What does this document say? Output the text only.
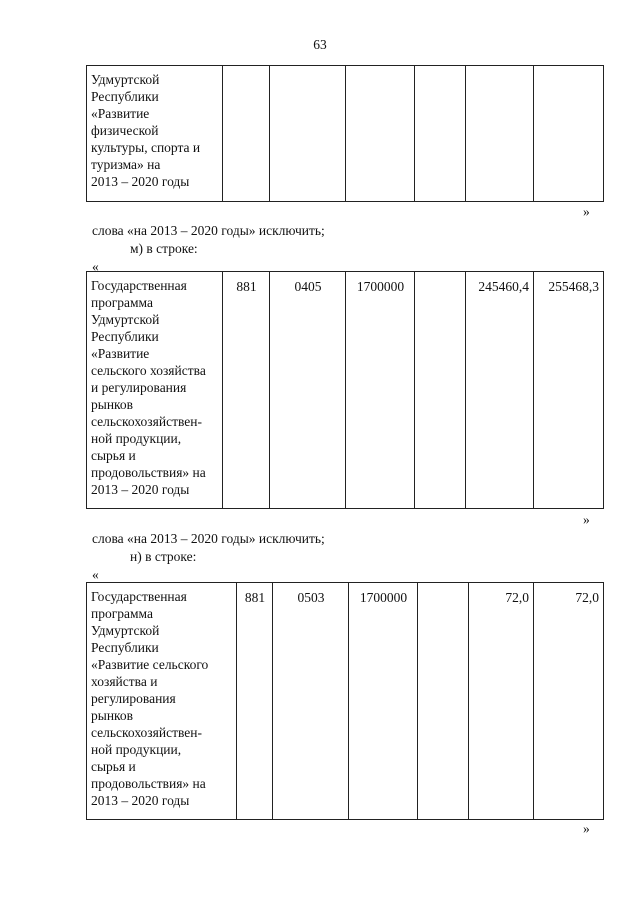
63
Удмуртской
Республики
«Развитие
физической
культуры, спорта и
туризма» на
2013 – 2020 годы						
»
слова «на 2013 – 2020 годы» исключить;
м) в строке:
«
Государственная
программа
Удмуртской
Республики
«Развитие
сельского хозяйства
и регулирования
рынков
сельскохозяйствен-
ной продукции,
сырья и
продовольствия» на
2013 – 2020 годы	881	0405	1700000		245460,4	255468,3
»
слова «на 2013 – 2020 годы» исключить;
н) в строке:
«
Государственная
программа
Удмуртской
Республики
«Развитие сельского
хозяйства и
регулирования
рынков
сельскохозяйствен-
ной продукции,
сырья и
продовольствия» на
2013 – 2020 годы	881	0503	1700000		72,0	72,0
»
